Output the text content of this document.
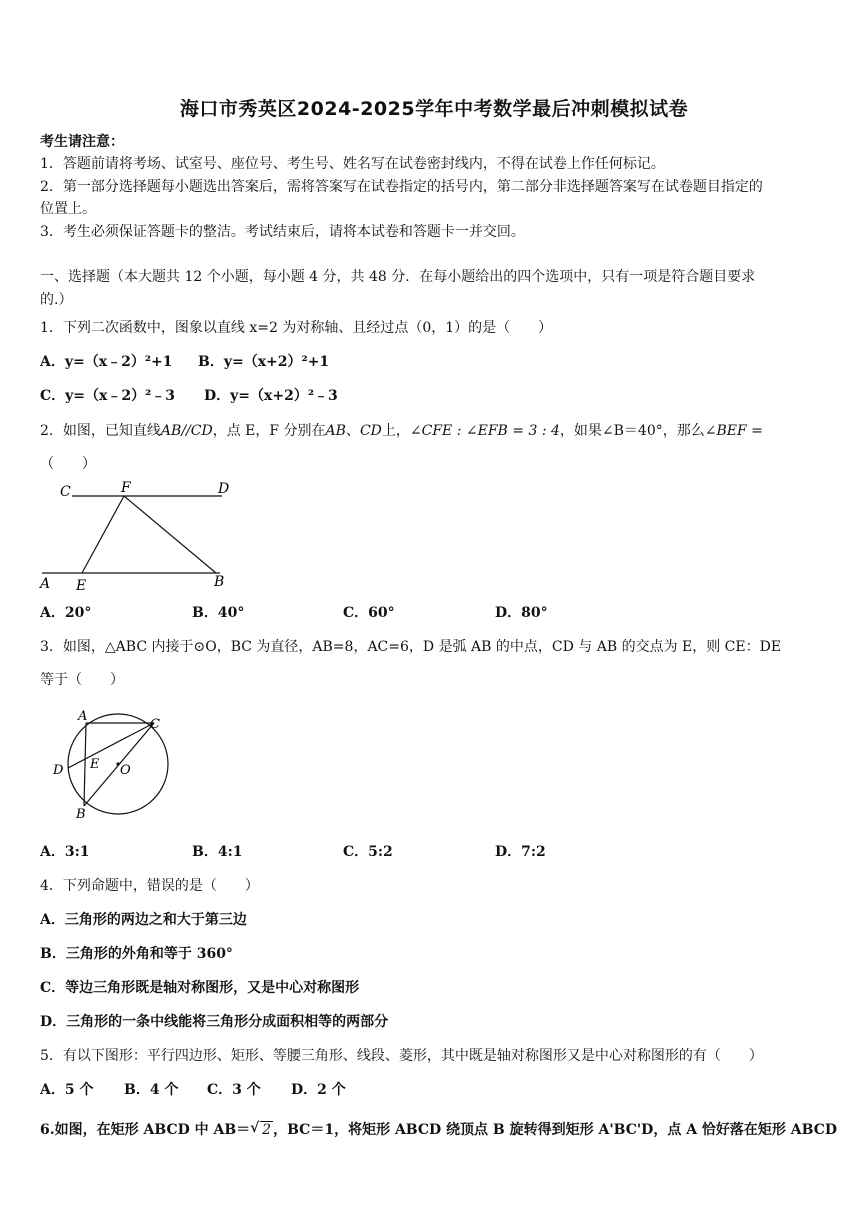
海口市秀英区2024-2025学年中考数学最后冲刺模拟试卷
考生请注意：
1．答题前请将考场、试室号、座位号、考生号、姓名写在试卷密封线内，不得在试卷上作任何标记。
2．第一部分选择题每小题选出答案后，需将答案写在试卷指定的括号内，第二部分非选择题答案写在试卷题目指定的
位置上。
3．考生必须保证答题卡的整洁。考试结束后，请将本试卷和答题卡一并交回。
一、选择题（本大题共 12 个小题，每小题 4 分，共 48 分．在每小题给出的四个选项中，只有一项是符合题目要求
的.）
1．下列二次函数中，图象以直线 x=2 为对称轴、且经过点（0，1）的是（　　）
A．y=（x﹣2）²+1 B．y=（x+2）²+1
C．y=（x﹣2）²﹣3 D．y=（x+2）²﹣3
2．如图，已知直线AB//CD，点 E，F 分别在AB、CD上，∠CFE : ∠EFB = 3 : 4，如果∠B＝40°，那么∠BEF =
（　　）
C	F	D
A E	B
A．20°	B．40°	C．60°	D．80°
3．如图，△ABC 内接于⊙O，BC 为直径，AB=8，AC=6，D 是弧 AB 的中点，CD 与 AB 的交点为 E，则 CE：DE
等于（　　）
A
C
D E O
B
A．3:1	B．4:1	C．5:2	D．7:2
4．下列命题中，错误的是（　　）
A．三角形的两边之和大于第三边
B．三角形的外角和等于 360°
C．等边三角形既是轴对称图形，又是中心对称图形
D．三角形的一条中线能将三角形分成面积相等的两部分
5．有以下图形：平行四边形、矩形、等腰三角形、线段、菱形，其中既是轴对称图形又是中心对称图形的有（　　）
A．5 个 B．4 个 C．3 个 D．2 个
6.如图，在矩形 ABCD 中 AB＝ √ 2 ，BC＝1，将矩形 ABCD 绕顶点 B 旋转得到矩形 A'BC'D，点 A 恰好落在矩形 ABCD
